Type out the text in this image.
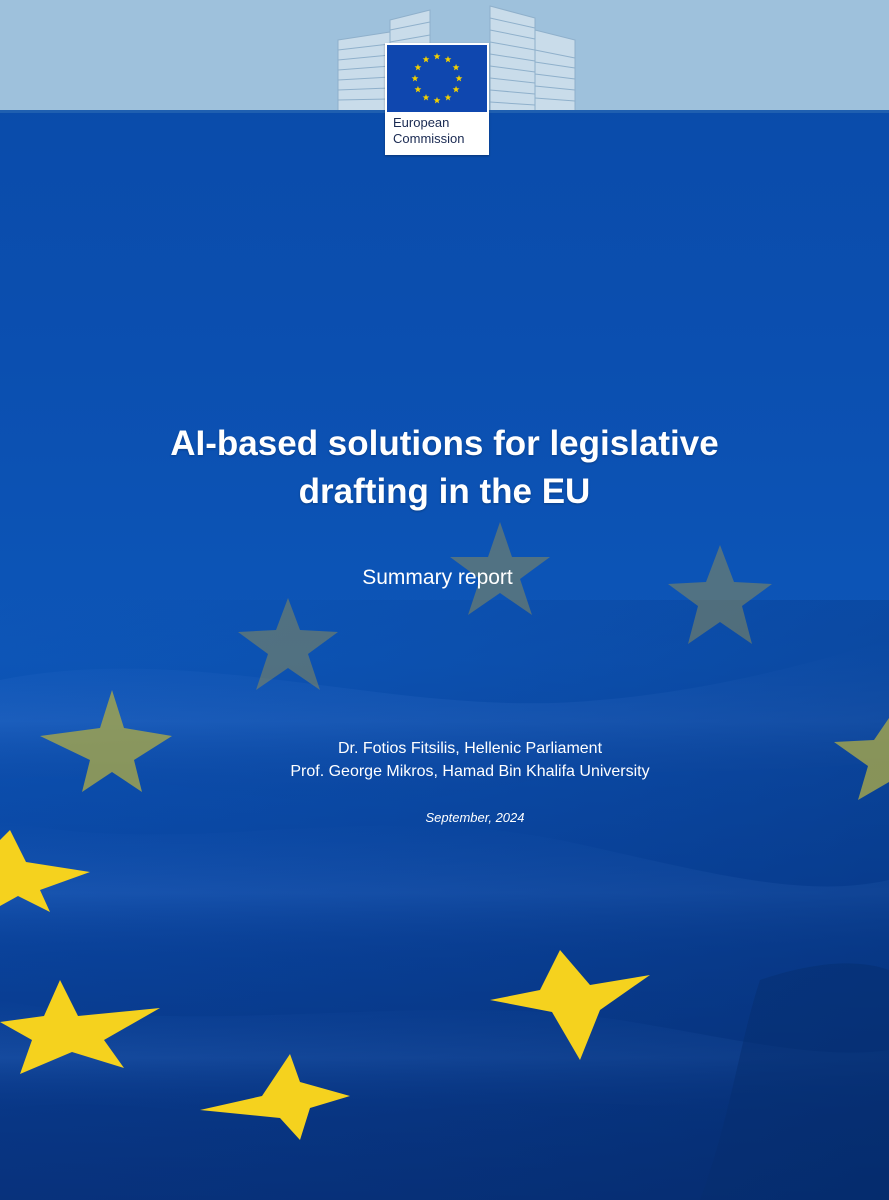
European
Commission
AI-based solutions for legislative
drafting in the EU
Summary report
Dr. Fotios Fitsilis, Hellenic Parliament
Prof. George Mikros, Hamad Bin Khalifa University
September, 2024
